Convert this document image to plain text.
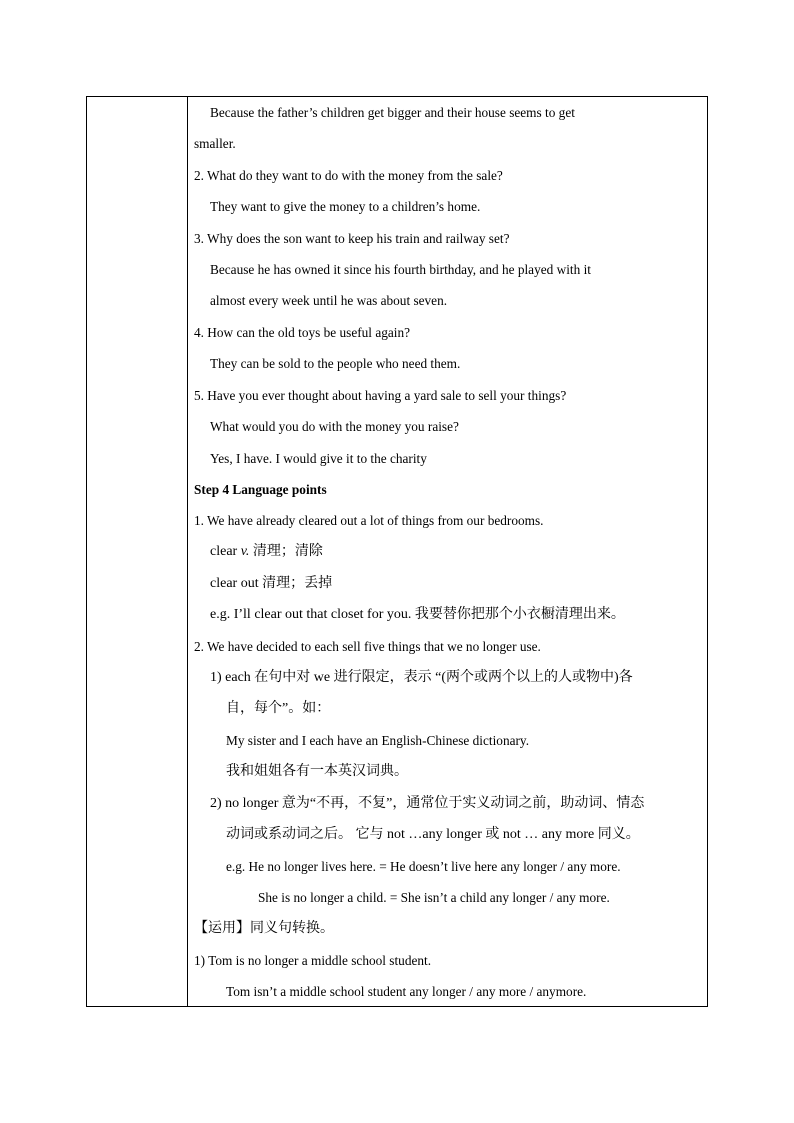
Because the father’s children get bigger and their house seems to get
smaller.
2. What do they want to do with the money from the sale?
They want to give the money to a children’s home.
3. Why does the son want to keep his train and railway set?
Because he has owned it since his fourth birthday, and he played with it
almost every week until he was about seven.
4. How can the old toys be useful again?
They can be sold to the people who need them.
5. Have you ever thought about having a yard sale to sell your things?
What would you do with the money you raise?
Yes, I have. I would give it to the charity
Step 4 Language points
1. We have already cleared out a lot of things from our bedrooms.
clear v. 清理；清除
clear out 清理；丢掉
e.g. I’ll clear out that closet for you. 我要替你把那个小衣橱清理出来。
2. We have decided to each sell five things that we no longer use.
1) each 在句中对 we 进行限定，表示 “(两个或两个以上的人或物中)各
自，每个”。如：
My sister and I each have an English-Chinese dictionary.
我和姐姐各有一本英汉词典。
2) no longer 意为“不再，不复”，通常位于实义动词之前，助动词、情态
动词或系动词之后。 它与 not …any longer 或 not … any more 同义。
e.g. He no longer lives here. = He doesn’t live here any longer / any more.
She is no longer a child. = She isn’t a child any longer / any more.
【运用】同义句转换。
1) Tom is no longer a middle school student.
Tom isn’t a middle school student any longer / any more / anymore.
